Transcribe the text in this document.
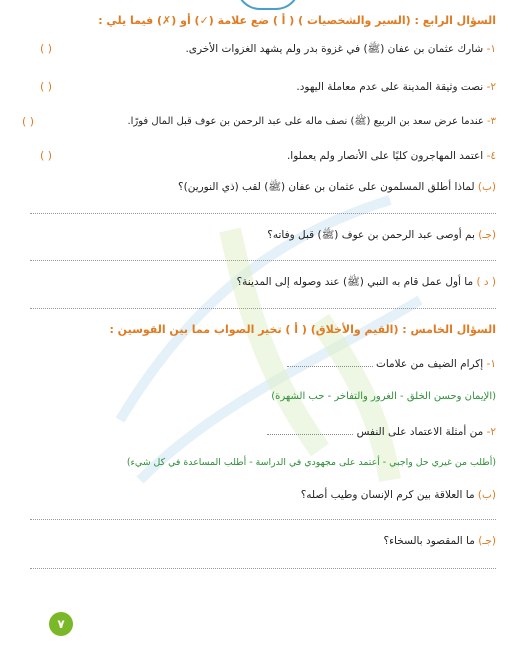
السؤال الرابع : (السير والشخصيات ) ( أ ) ضع علامة (✓) أو (✗) فيما يلي :
١- شارك عثمان بن عفان (ﷺ) في غزوة بدر ولم يشهد الغزوات الأخرى.
( )
٢- نصت وثيقة المدينة على عدم معاملة اليهود.
( )
٣- عندما عرض سعد بن الربيع (ﷺ) نصف ماله على عبد الرحمن بن عوف قبل المال فورًا.
( )
٤- اعتمد المهاجرون كليًا على الأنصار ولم يعملوا.
( )
(ب) لماذا أطلق المسلمون على عثمان بن عفان (ﷺ) لقب (ذي النورين)؟
(جـ) بم أوصى عبد الرحمن بن عوف (ﷺ) قبل وفاته؟
( د ) ما أول عمل قام به النبي (ﷺ) عند وصوله إلى المدينة؟
السؤال الخامس : (القيم والأخلاق) ( أ ) تخير الصواب مما بين القوسين :
١- إكرام الضيف من علامات
(الإيمان وحسن الخلق - الغرور والتفاخر - حب الشهرة)
٢- من أمثلة الاعتماد على النفس
(أطلب من غيري حل واجبي - أعتمد على مجهودي في الدراسة - أطلب المساعدة في كل شيء)
(ب) ما العلاقة بين كرم الإنسان وطيب أصله؟
(جـ) ما المقصود بالسخاء؟
٧
